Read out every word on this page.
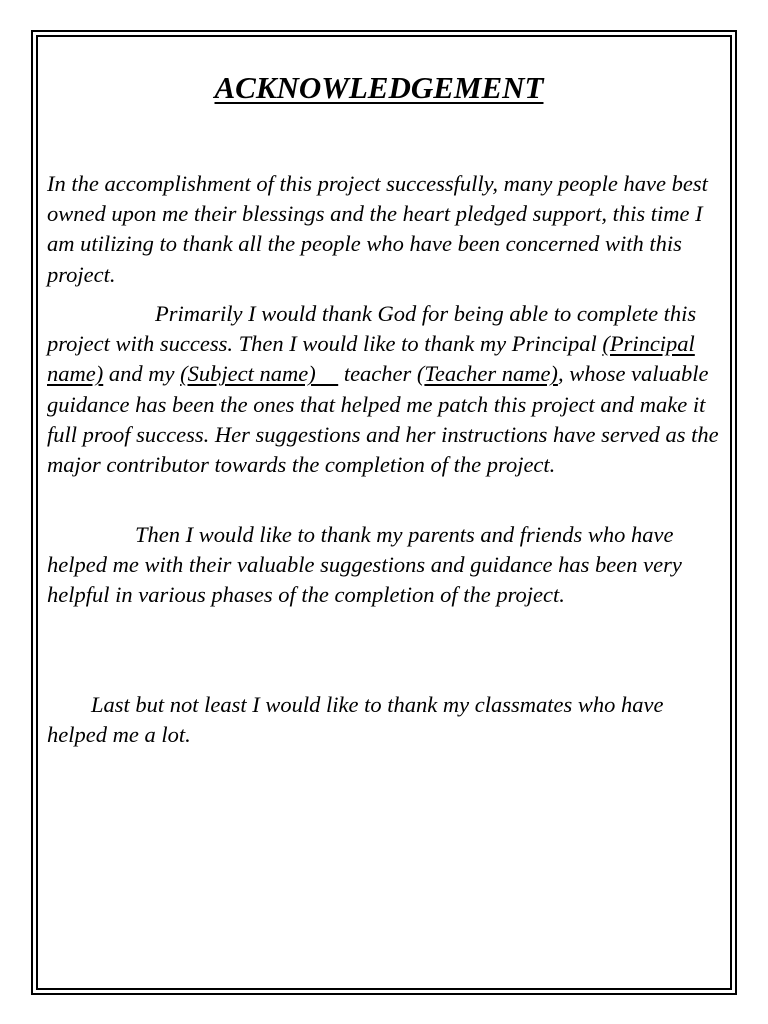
ACKNOWLEDGEMENT

In the accomplishment of this project successfully, many people have best owned upon me their blessings and the heart pledged support, this time I am utilizing to thank all the people who have been concerned with this project.

Primarily I would thank God for being able to complete this project with success. Then I would like to thank my Principal (Principal name) and my (Subject name)     teacher (Teacher name), whose valuable guidance has been the ones that helped me patch this project and make it full proof success. Her suggestions and her instructions have served as the major contributor towards the completion of the project.

Then I would like to thank my parents and friends who have helped me with their valuable suggestions and guidance has been very helpful in various phases of the completion of the project.

Last but not least I would like to thank my classmates who have helped me a lot.
